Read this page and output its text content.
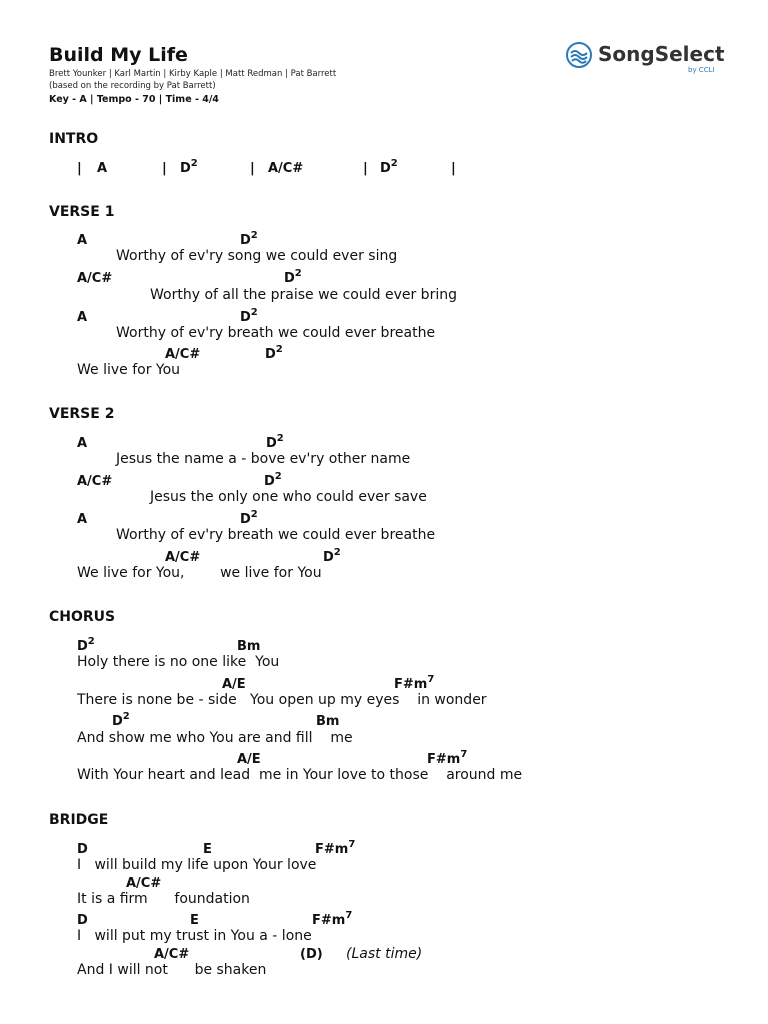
Build My Life
Brett Younker | Karl Martin | Kirby Kaple | Matt Redman | Pat Barrett
(based on the recording by Pat Barrett)
Key - A | Tempo - 70 | Time - 4/4

SongSelect

by CCLI

INTRO
| A	| $D^2$	| A/C#	| $D^2$	|
VERSE 1
A	$D^2$
Worthy of ev'ry song we could ever sing
A/C#	$D^2$
Worthy of all the praise we could ever bring
A	$D^2$
Worthy of ev'ry breath we could ever breathe
A/C#	$D^2$
We live for You
VERSE 2
A	$D^2$
Jesus the name a - bove ev'ry other name
A/C#	$D^2$
Jesus the only one who could ever save
A	$D^2$
Worthy of ev'ry breath we could ever breathe
A/C#	$D^2$
We live for You,        we live for You
CHORUS
$D^2$	Bm
Holy there is no one like  You
A/E	$F\#m^7$
There is none be - side   You open up my eyes    in wonder
$D^2$	Bm
And show me who You are and fill    me
A/E	$F\#m^7$
With Your heart and lead  me in Your love to those    around me
BRIDGE
D	E	$F\#m^7$
I   will build my life upon Your love
A/C#
It is a firm      foundation
D	E	$F\#m^7$
I   will put my trust in You a - lone
A/C#	(D) (Last time)
And I will not      be shaken
